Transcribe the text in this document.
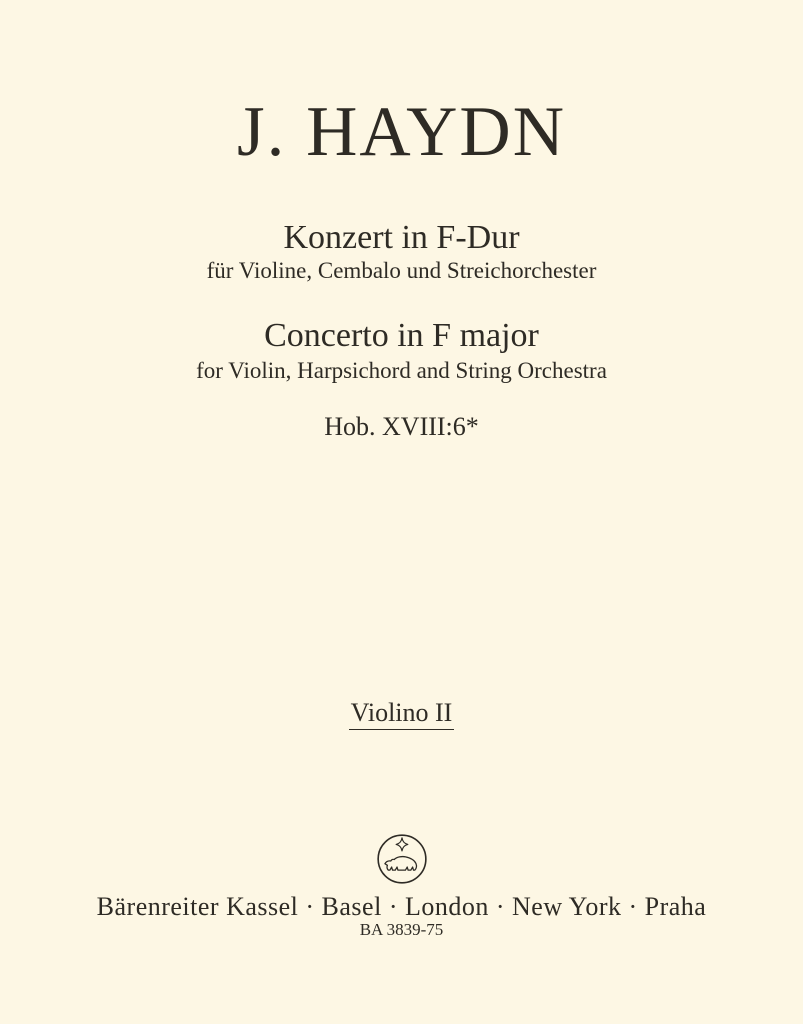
J. HAYDN
Konzert in F-Dur
für Violine, Cembalo und Streichorchester
Concerto in F major
for Violin, Harpsichord and String Orchestra
Hob. XVIII:6*
Violino II
Bärenreiter Kassel · Basel · London · New York · Praha
BA 3839-75
